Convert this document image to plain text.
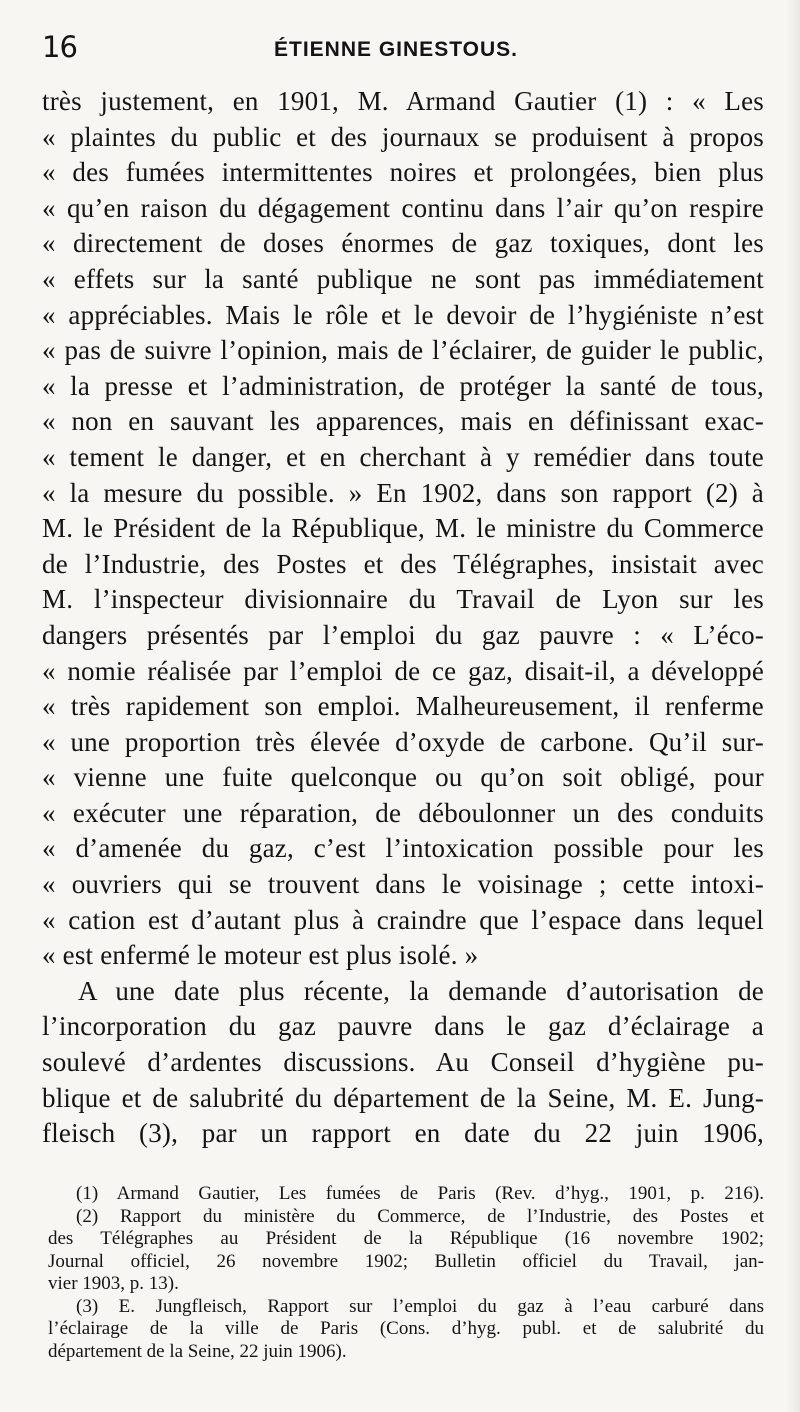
16	ÉTIENNE GINESTOUS.
très justement, en 1901, M. Armand Gautier (1) : « Les
« plaintes du public et des journaux se produisent à propos
« des fumées intermittentes noires et prolongées, bien plus
« qu’en raison du dégagement continu dans l’air qu’on respire
« directement de doses énormes de gaz toxiques, dont les
« effets sur la santé publique ne sont pas immédiatement
« appréciables. Mais le rôle et le devoir de l’hygiéniste n’est
« pas de suivre l’opinion, mais de l’éclairer, de guider le public,
« la presse et l’administration, de protéger la santé de tous,
« non en sauvant les apparences, mais en définissant exac-
« tement le danger, et en cherchant à y remédier dans toute
« la mesure du possible. » En 1902, dans son rapport (2) à
M. le Président de la République, M. le ministre du Commerce
de l’Industrie, des Postes et des Télégraphes, insistait avec
M. l’inspecteur divisionnaire du Travail de Lyon sur les
dangers présentés par l’emploi du gaz pauvre : « L’éco-
« nomie réalisée par l’emploi de ce gaz, disait-il, a développé
« très rapidement son emploi. Malheureusement, il renferme
« une proportion très élevée d’oxyde de carbone. Qu’il sur-
« vienne une fuite quelconque ou qu’on soit obligé, pour
« exécuter une réparation, de déboulonner un des conduits
« d’amenée du gaz, c’est l’intoxication possible pour les
« ouvriers qui se trouvent dans le voisinage ; cette intoxi-
« cation est d’autant plus à craindre que l’espace dans lequel
« est enfermé le moteur est plus isolé. »
A une date plus récente, la demande d’autorisation de
l’incorporation du gaz pauvre dans le gaz d’éclairage a
soulevé d’ardentes discussions. Au Conseil d’hygiène pu-
blique et de salubrité du département de la Seine, M. E. Jung-
fleisch (3), par un rapport en date du 22 juin 1906,
(1) Armand Gautier, Les fumées de Paris (Rev. d’hyg., 1901, p. 216).
(2) Rapport du ministère du Commerce, de l’Industrie, des Postes et
des Télégraphes au Président de la République (16 novembre 1902;
Journal officiel, 26 novembre 1902; Bulletin officiel du Travail, jan-
vier 1903, p. 13).
(3) E. Jungfleisch, Rapport sur l’emploi du gaz à l’eau carburé dans
l’éclairage de la ville de Paris (Cons. d’hyg. publ. et de salubrité du
département de la Seine, 22 juin 1906).
